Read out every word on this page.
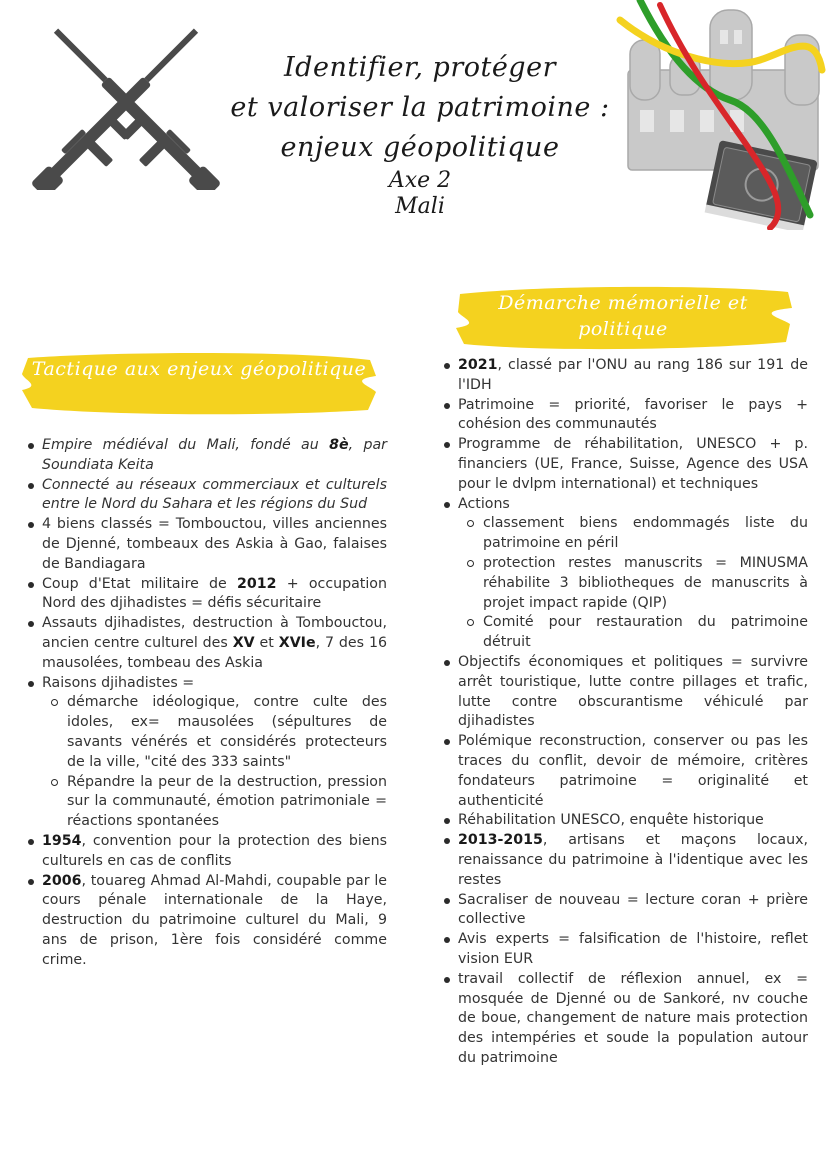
Identifier, protéger
et valoriser la patrimoine :
enjeux géopolitique
Axe 2
Mali
Démarche mémorielle et politique
Tactique aux enjeux géopolitique
Empire médiéval du Mali, fondé au 8è, par Soundiata Keita
Connecté au réseaux commerciaux et culturels entre le Nord du Sahara et les régions du Sud
4 biens classés = Tombouctou, villes anciennes de Djenné, tombeaux des Askia à Gao, falaises de Bandiagara
Coup d'Etat militaire de 2012 + occupation Nord des djihadistes = défis sécuritaire
Assauts djihadistes, destruction à Tombouctou, ancien centre culturel des XV et XVIe, 7 des 16 mausolées, tombeau des Askia
Raisons djihadistes =
démarche idéologique, contre culte des idoles, ex= mausolées (sépultures de savants vénérés et considérés protecteurs de la ville, "cité des 333 saints"
Répandre la peur de la destruction, pression sur la communauté, émotion patrimoniale = réactions spontanées
1954, convention pour la protection des biens culturels en cas de conflits
2006, touareg Ahmad Al-Mahdi, coupable par le cours pénale internationale de la Haye, destruction du patrimoine culturel du Mali, 9 ans de prison, 1ère fois considéré comme crime.
2021, classé par l'ONU au rang 186 sur 191 de l'IDH
Patrimoine = priorité, favoriser le pays + cohésion des communautés
Programme de réhabilitation, UNESCO + p. financiers (UE, France, Suisse, Agence des USA pour le dvlpm international) et techniques
Actions
classement biens endommagés liste du patrimoine en péril
protection restes manuscrits = MINUSMA réhabilite 3 bibliotheques de manuscrits à projet impact rapide (QIP)
Comité pour restauration du patrimoine détruit
Objectifs économiques et politiques = survivre arrêt touristique, lutte contre pillages et trafic, lutte contre obscurantisme véhiculé par djihadistes
Polémique reconstruction, conserver ou pas les traces du conflit, devoir de mémoire, critères fondateurs patrimoine = originalité et authenticité
Réhabilitation UNESCO, enquête historique
2013-2015, artisans et maçons locaux, renaissance du patrimoine à l'identique avec les restes
Sacraliser de nouveau = lecture coran + prière collective
Avis experts = falsification de l'histoire, reflet vision EUR
travail collectif de réflexion annuel, ex = mosquée de Djenné ou de Sankoré, nv couche de boue, changement de nature mais protection des intempéries et soude la population autour du patrimoine
